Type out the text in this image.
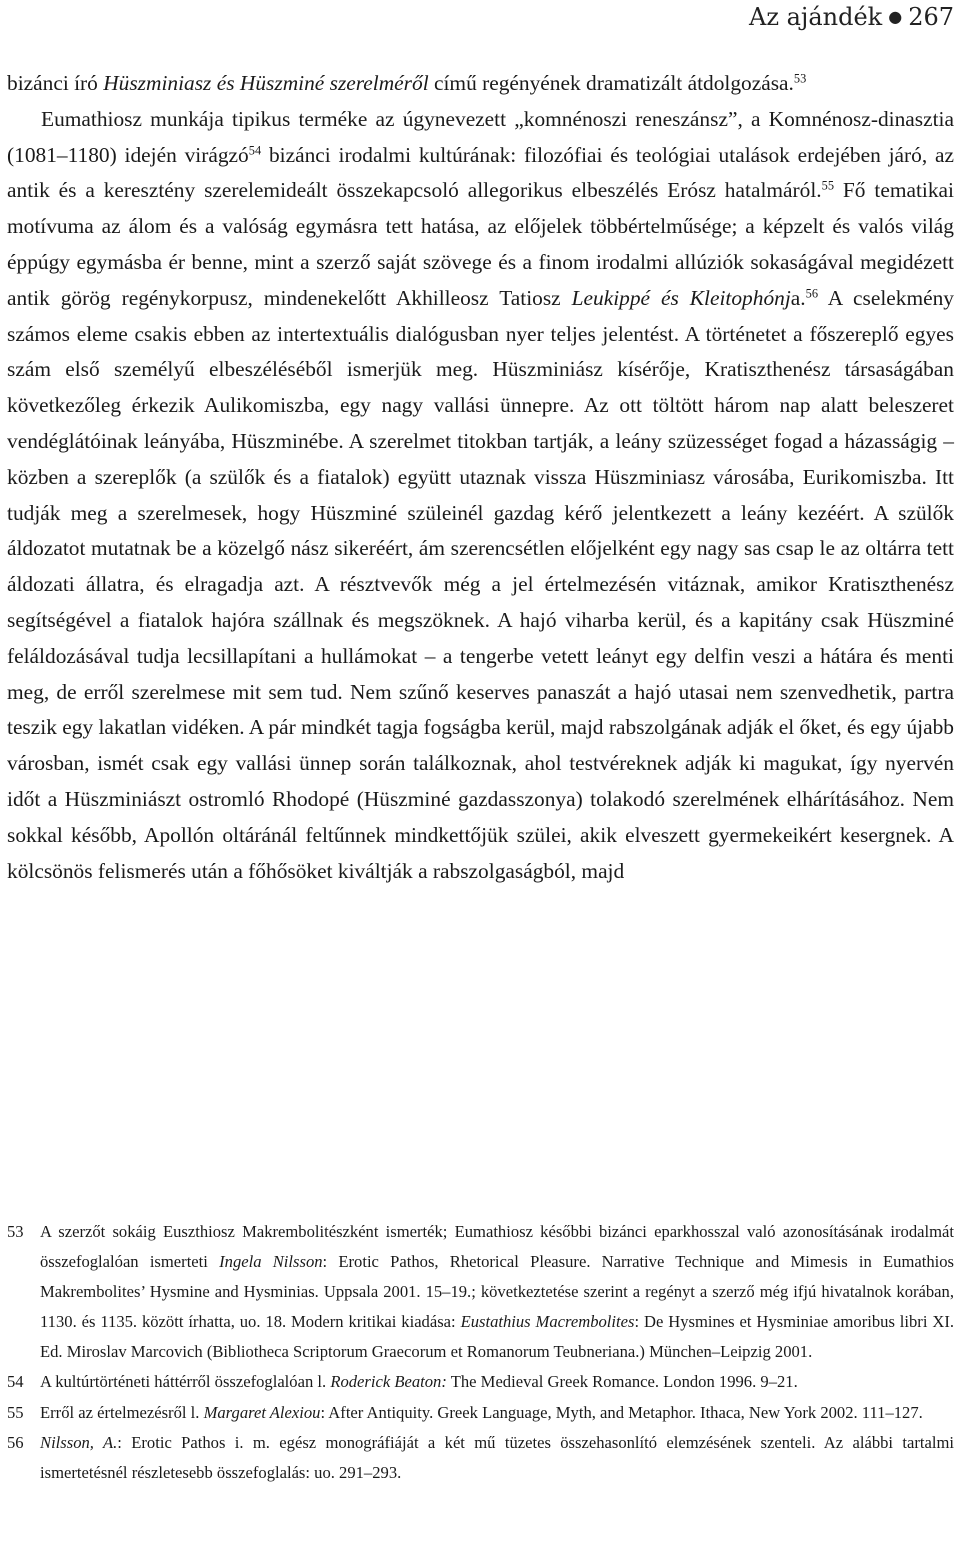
Az ajándék ● 267

bizánci író Hüszminiasz és Hüszminé szerelméről című regényének dramatizált átdolgozása.$^{53}$

Eumathiosz munkája tipikus terméke az úgynevezett „komnénoszi reneszánsz”, a Komnénosz-dinasztia (1081–1180) idején virágzó$^{54}$ bizánci irodalmi kultúrának: filozófiai és teológiai utalások erdejében járó, az antik és a keresztény szerelemideált összekapcsoló allegorikus elbeszélés Erósz hatalmáról.$^{55}$ Fő tematikai motívuma az álom és a valóság egymásra tett hatása, az előjelek többértelműsége; a képzelt és valós világ éppúgy egymásba ér benne, mint a szerző saját szövege és a finom irodalmi allúziók sokaságával megidézett antik görög regénykorpusz, mindenekelőtt Akhilleosz Tatiosz Leukippé és Kleitophónja.$^{56}$ A cselekmény számos eleme csakis ebben az intertextuális dialógusban nyer teljes jelentést. A történetet a főszereplő egyes szám első személyű elbeszéléséből ismerjük meg. Hüszminiász kísérője, Kratiszthenész társaságában következőleg érkezik Aulikomiszba, egy nagy vallási ünnepre. Az ott töltött három nap alatt beleszeret vendéglátóinak leányába, Hüszminébe. A szerelmet titokban tartják, a leány szüzességet fogad a házasságig – közben a szereplők (a szülők és a fiatalok) együtt utaznak vissza Hüszminiasz városába, Eurikomiszba. Itt tudják meg a szerelmesek, hogy Hüszminé szüleinél gazdag kérő jelentkezett a leány kezéért. A szülők áldozatot mutatnak be a közelgő nász sikeréért, ám szerencsétlen előjelként egy nagy sas csap le az oltárra tett áldozati állatra, és elragadja azt. A résztvevők még a jel értelmezésén vitáznak, amikor Kratiszthenész segítségével a fiatalok hajóra szállnak és megszöknek. A hajó viharba kerül, és a kapitány csak Hüszminé feláldozásával tudja lecsillapítani a hullámokat – a tengerbe vetett leányt egy delfin veszi a hátára és menti meg, de erről szerelmese mit sem tud. Nem szűnő keserves panaszát a hajó utasai nem szenvedhetik, partra teszik egy lakatlan vidéken. A pár mindkét tagja fogságba kerül, majd rabszolgának adják el őket, és egy újabb városban, ismét csak egy vallási ünnep során találkoznak, ahol testvéreknek adják ki magukat, így nyervén időt a Hüszminiászt ostromló Rhodopé (Hüszminé gazdasszonya) tolakodó szerelmének elhárításához. Nem sokkal később, Apollón oltáránál feltűnnek mindkettőjük szülei, akik elveszett gyermekeikért kesergnek. A kölcsönös felismerés után a főhősöket kiváltják a rabszolgaságból, majd

53 A szerzőt sokáig Euszthiosz Makrembolitészként ismerték; Eumathiosz későbbi bizánci eparkhosszal való azonosításának irodalmát összefoglalóan ismerteti Ingela Nilsson: Erotic Pathos, Rhetorical Pleasure. Narrative Technique and Mimesis in Eumathios Makrembolites’ Hysmine and Hysminias. Uppsala 2001. 15–19.; következtetése szerint a regényt a szerző még ifjú hivatalnok korában, 1130. és 1135. között írhatta, uo. 18. Modern kritikai kiadása: Eustathius Macrembolites: De Hysmines et Hysminiae amoribus libri XI. Ed. Miroslav Marcovich (Bibliotheca Scriptorum Graecorum et Romanorum Teubneriana.) München–Leipzig 2001.
54 A kultúrtörténeti háttérről összefoglalóan l. Roderick Beaton: The Medieval Greek Romance. London 1996. 9–21.
55 Erről az értelmezésről l. Margaret Alexiou: After Antiquity. Greek Language, Myth, and Metaphor. Ithaca, New York 2002. 111–127.
56 Nilsson, A.: Erotic Pathos i. m. egész monográfiáját a két mű tüzetes összehasonlító elemzésének szenteli. Az alábbi tartalmi ismertetésnél részletesebb összefoglalás: uo. 291–293.
